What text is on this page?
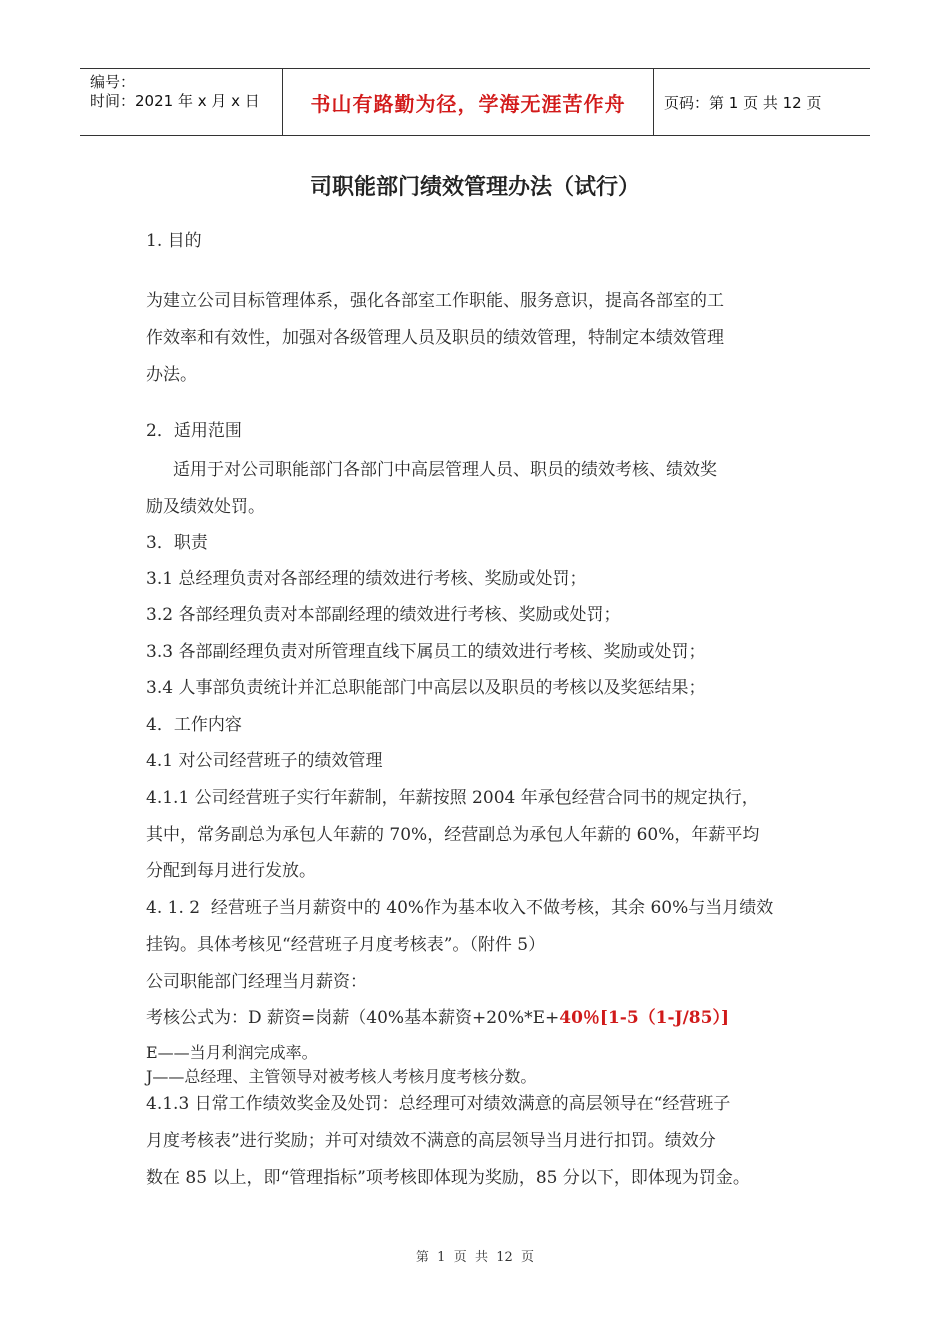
编号：
时间：2021 年 x 月 x 日	书山有路勤为径，学海无涯苦作舟	页码：第 1 页 共 12 页
司职能部门绩效管理办法（试行）
1. 目的
为建立公司目标管理体系，强化各部室工作职能、服务意识，提高各部室的工
作效率和有效性，加强对各级管理人员及职员的绩效管理，特制定本绩效管理
办法。
2．适用范围
适用于对公司职能部门各部门中高层管理人员、职员的绩效考核、绩效奖
励及绩效处罚。
3．职责
3.1 总经理负责对各部经理的绩效进行考核、奖励或处罚；
3.2 各部经理负责对本部副经理的绩效进行考核、奖励或处罚；
3.3 各部副经理负责对所管理直线下属员工的绩效进行考核、奖励或处罚；
3.4 人事部负责统计并汇总职能部门中高层以及职员的考核以及奖惩结果；
4．工作内容
4.1 对公司经营班子的绩效管理
4.1.1 公司经营班子实行年薪制，年薪按照 2004 年承包经营合同书的规定执行，
其中，常务副总为承包人年薪的 70%，经营副总为承包人年薪的 60%，年薪平均
分配到每月进行发放。
4. 1. 2  经营班子当月薪资中的 40%作为基本收入不做考核，其余 60%与当月绩效
挂钩。具体考核见“经营班子月度考核表”。（附件 5）
公司职能部门经理当月薪资：
考核公式为：D 薪资=岗薪（40%基本薪资+20%*E+40％[1-5（1-J/85）]
E——当月利润完成率。
J——总经理、主管领导对被考核人考核月度考核分数。
4.1.3 日常工作绩效奖金及处罚：总经理可对绩效满意的高层领导在“经营班子
月度考核表”进行奖励；并可对绩效不满意的高层领导当月进行扣罚。绩效分
数在 85 以上，即“管理指标”项考核即体现为奖励，85 分以下，即体现为罚金。
第  1  页  共  12  页
